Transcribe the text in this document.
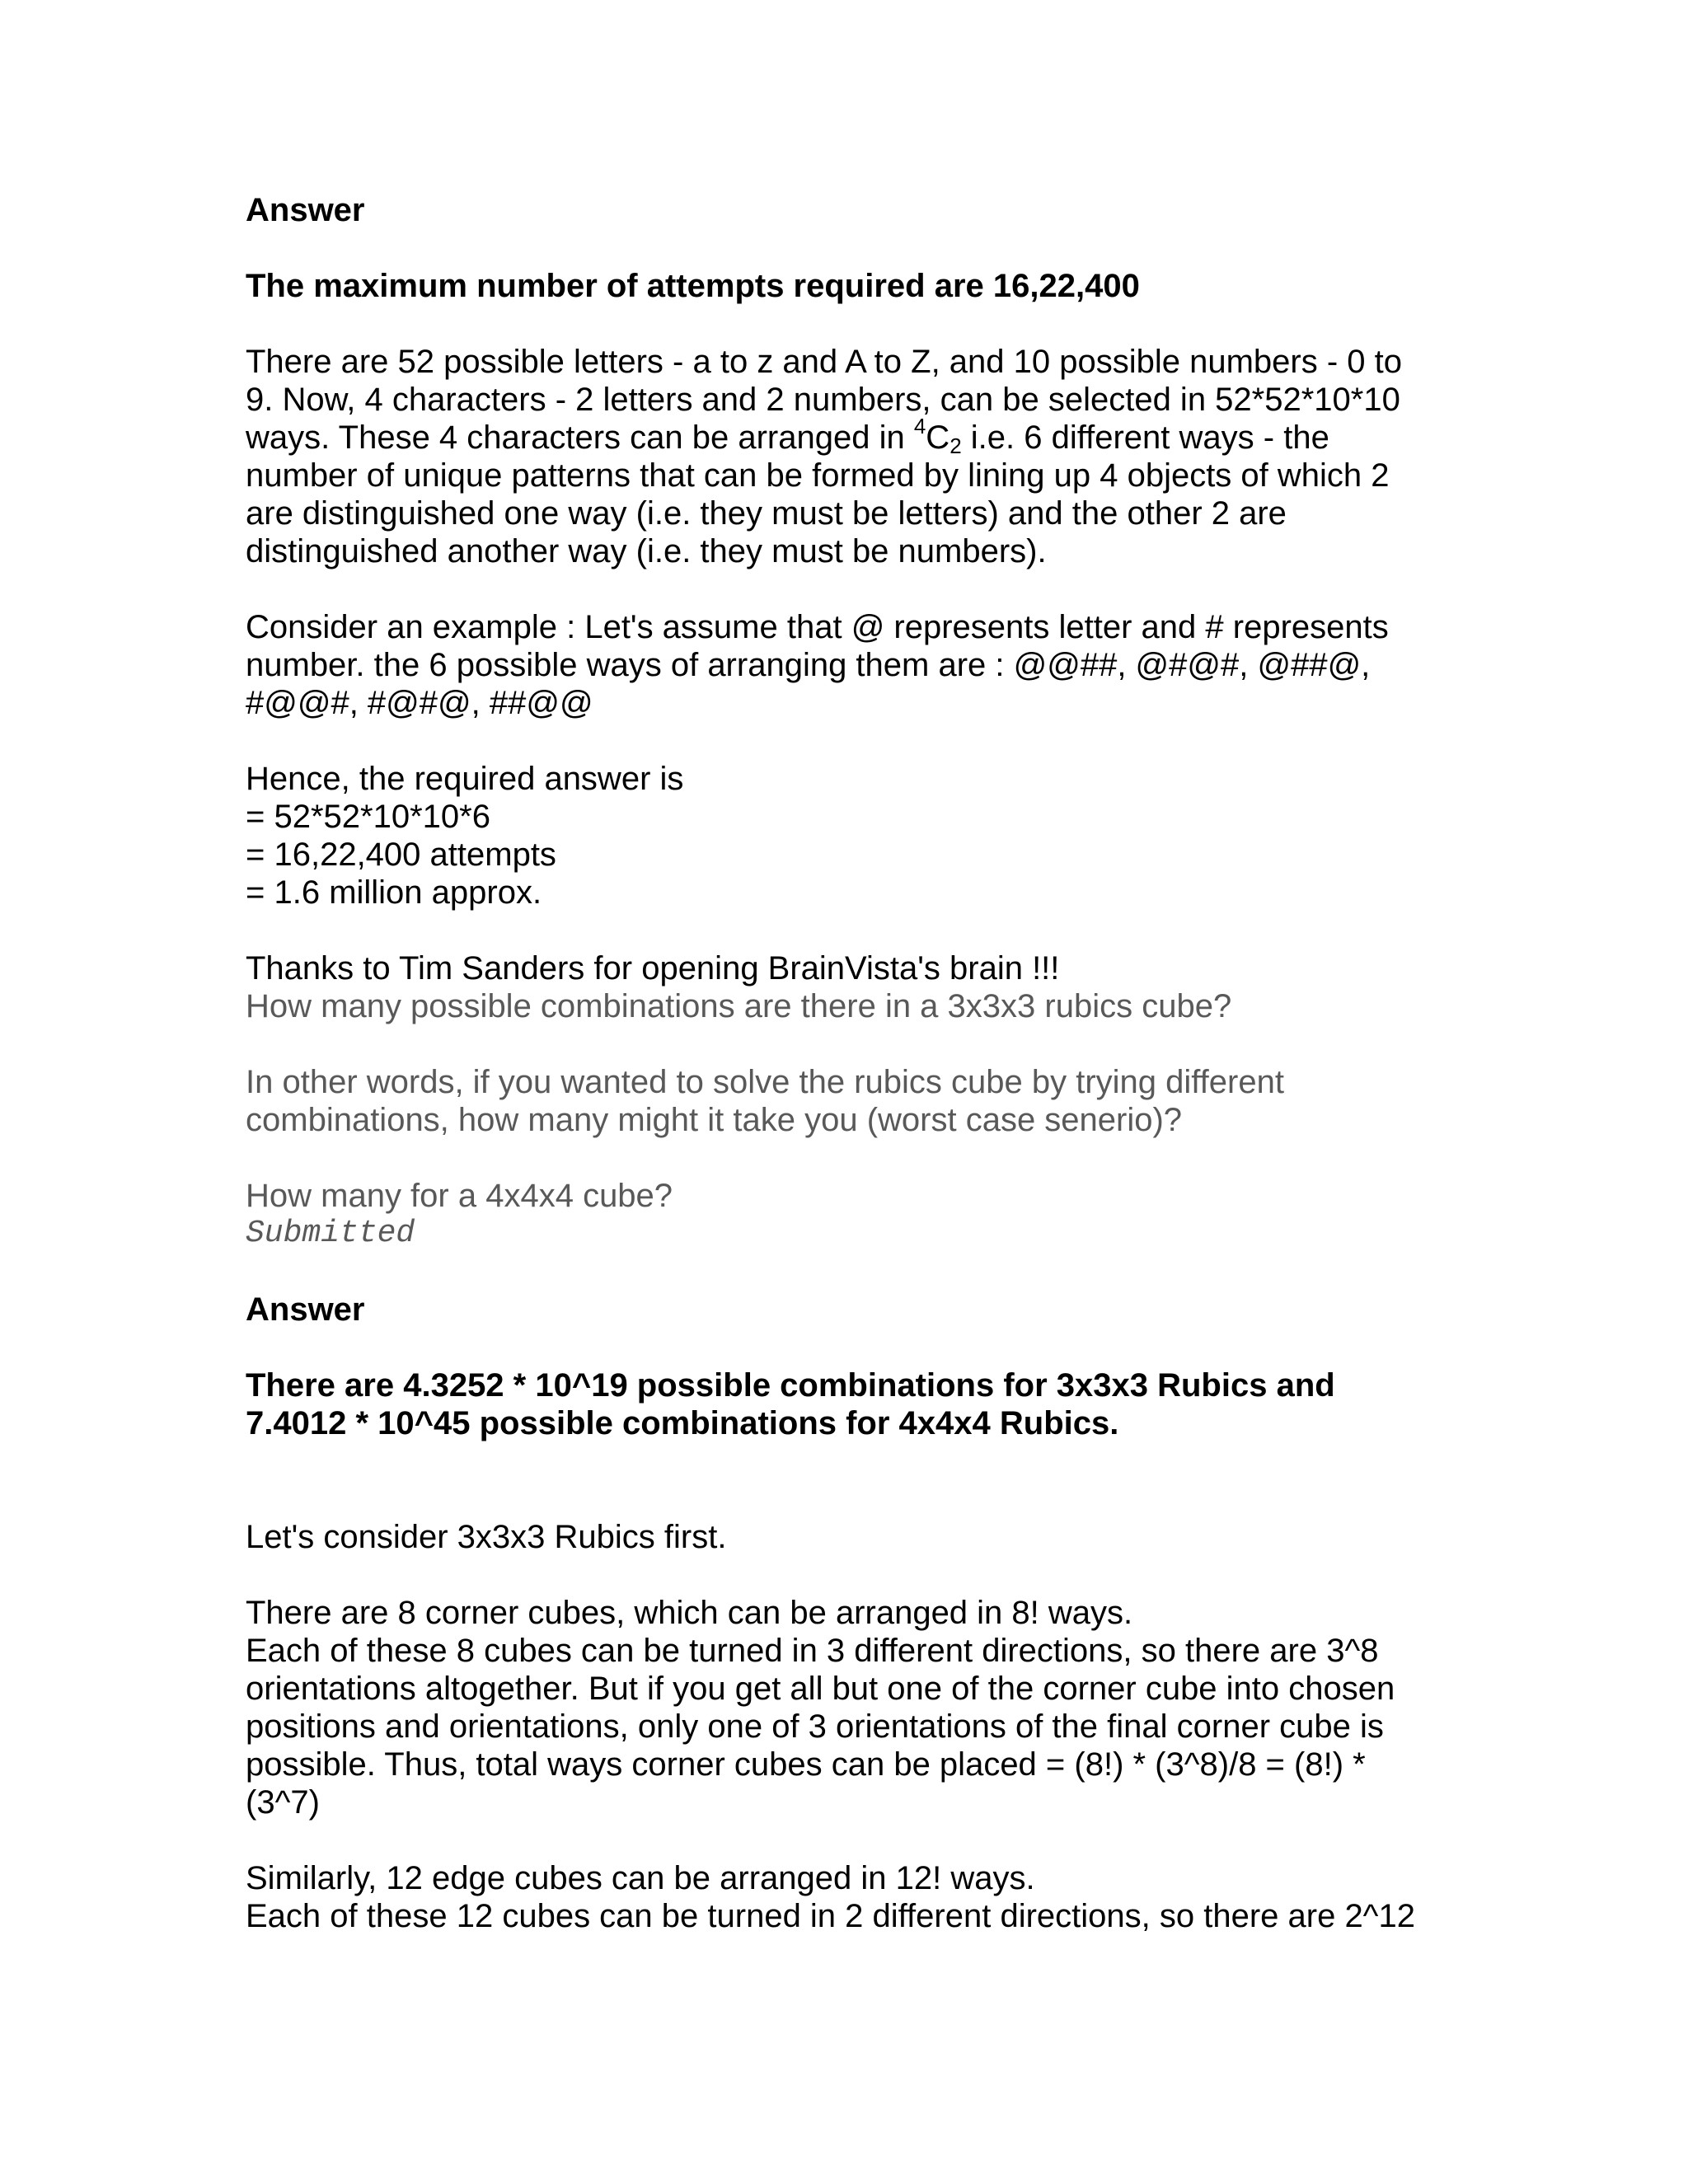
Answer
The maximum number of attempts required are 16,22,400
There are 52 possible letters - a to z and A to Z, and 10 possible numbers - 0 to
9. Now, 4 characters - 2 letters and 2 numbers, can be selected in 52*52*10*10
ways. These 4 characters can be arranged in $^4C_2$ i.e. 6 different ways - the
number of unique patterns that can be formed by lining up 4 objects of which 2
are distinguished one way (i.e. they must be letters) and the other 2 are
distinguished another way (i.e. they must be numbers).
Consider an example : Let's assume that @ represents letter and # represents
number. the 6 possible ways of arranging them are : @@##, @#@#, @##@,
#@@#, #@#@, ##@@
Hence, the required answer is
= 52*52*10*10*6
= 16,22,400 attempts
= 1.6 million approx.
Thanks to Tim Sanders for opening BrainVista's brain !!!
How many possible combinations are there in a 3x3x3 rubics cube?
In other words, if you wanted to solve the rubics cube by trying different
combinations, how many might it take you (worst case senerio)?
How many for a 4x4x4 cube?
Submitted
Answer
There are 4.3252 * 10^19 possible combinations for 3x3x3 Rubics and
7.4012 * 10^45 possible combinations for 4x4x4 Rubics.
Let's consider 3x3x3 Rubics first.
There are 8 corner cubes, which can be arranged in 8! ways.
Each of these 8 cubes can be turned in 3 different directions, so there are 3^8
orientations altogether. But if you get all but one of the corner cube into chosen
positions and orientations, only one of 3 orientations of the final corner cube is
possible. Thus, total ways corner cubes can be placed = (8!) * (3^8)/8 = (8!) *
(3^7)
Similarly, 12 edge cubes can be arranged in 12! ways.
Each of these 12 cubes can be turned in 2 different directions, so there are 2^12
